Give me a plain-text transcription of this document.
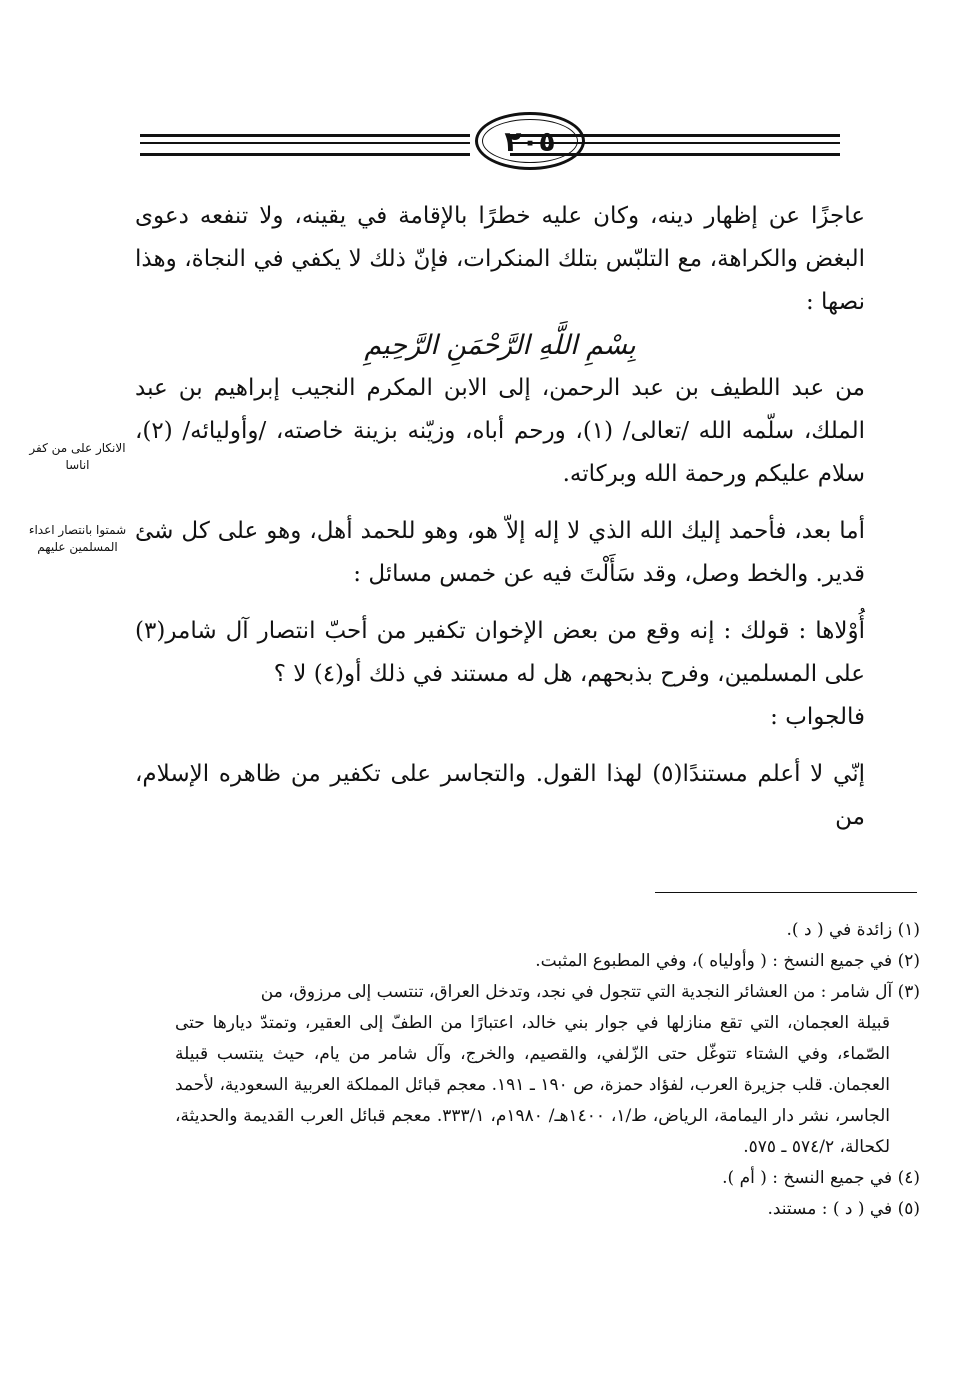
٢٠٥

عاجزًا عن إظهار دينه، وكان عليه خطرًا بالإقامة في يقينه، ولا تنفعه دعوى البغض والكراهة، مع التلبّس بتلك المنكرات، فإنّ ذلك لا يكفي في النجاة، وهذا نصها :

بِسْمِ اللَّهِ الرَّحْمَنِ الرَّحِيمِ

من عبد اللطيف بن عبد الرحمن، إلى الابن المكرم النجيب إبراهيم بن عبد الملك، سلّمه الله /تعالى/ (١)، ورحم أباه، وزيّنه بزينة خاصته، /وأوليائه/ (٢)، سلام عليكم ورحمة الله وبركاته.

أما بعد، فأحمد إليك الله الذي لا إله إلاّ هو، وهو للحمد أهل، وهو على كل شئ قدير. والخط وصل، وقد سَأَلْتَ فيه عن خمس مسائل :

أُوْلاها : قولك : إنه وقع من بعض الإخوان تكفير من أحبّ انتصار آل شامر(٣) على المسلمين، وفرح بذبحهم، هل له مستند في ذلك أو(٤) لا ؟

فالجواب :

إنّي لا أعلم مستندًا(٥) لهذا القول. والتجاسر على تكفير من ظاهره الإسلام، من

الانكار على من كفر اناسا
شمتوا بانتصار اعداء المسلمين عليهم

(١) زائدة في ( د ).

(٢) في جميع النسخ : ( وأولياه )، وفي المطبوع المثبت.

(٣) آل شامر : من العشائر النجدية التي تتجول في نجد، وتدخل العراق، تنتسب إلى مرزوق، من
قبيلة العجمان، التي تقع منازلها في جوار بني خالد، اعتبارًا من الطفّ إلى العقير، وتمتدّ ديارها حتى الصّماء، وفي الشتاء تتوغّل حتى الزّلفي، والقصيم، والخرج، وآل شامر من يام، حيث ينتسب قبيلة العجمان. قلب جزيرة العرب، لفؤاد حمزة، ص ١٩٠ ـ ١٩١. معجم قبائل المملكة العربية السعودية، لأحمد الجاسر، نشر دار اليمامة، الرياض، ط/١، ١٤٠٠هـ/ ١٩٨٠م، ٣٣٣/١. معجم قبائل العرب القديمة والحديثة، لكحالة، ٥٧٤/٢ ـ ٥٧٥.

(٤) في جميع النسخ : ( أم ).

(٥) في ( د ) : مستند.
